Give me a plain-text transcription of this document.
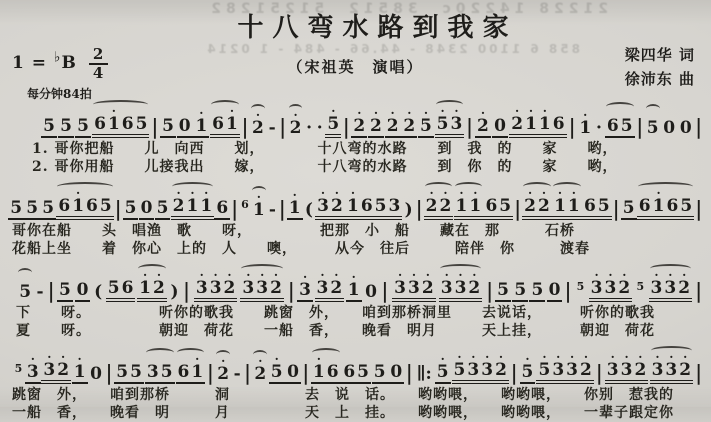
21228 14220c  38512  51251282
858 6 1100 2348 - 44.66 - 484 - 1 0214
十八弯水路到我家
（宋祖英　演唱）
$1 = ^♭B \frac{2}{4}$
每分钟84拍
梁四华 词
徐沛东 曲

5
5
5
6
·
1
6
5 |
5
0
·
1
6
·
1 | ·
2
- | ·
2
·
·
·
5 |
·
2
·
2
·
2
·
2
·
5
·
5
·
3 |
·
2
0
·
2
·
1
·
1
6 | ·
1
·
6
5 |
5
0
0 |
1. 哥你把船　　儿　向西　　划，　　　　十八弯的水路　　到　我　的　　家　　哟，
2. 哥你用船　　儿接我出　　嫁，　　　　十八弯的水路　　到　你　的　　家　　哟，

5
5
5
6
·
1
6
5 |
5
0
5
·
2
·
1
·
1
6 |
6
·
1
- |
·
1
(
·
3
·
2
·
1
6
5
3
) |
·
2
·
2
·
1
·
1
6
5 |
·
2
·
2
·
1
·
1
6
5 |
5
6
·
1
6
5 |
哥你在船　　头　唱渔　歌　　呀，　　　　　把那　小　船　　藏在　那　　　石桥
花船上坐　　着　你心　上的　人　　噢，　　　从今　往后　　　陪伴　你　　　渡春

5
- |
5
0
(
5
6
·
1
·
2
) |
·
3
·
3
·
2
·
3
·
3
·
2 |
·
3
·
3
·
2
·
1
0 |
·
3
·
3
·
2
·
3
·
3
·
2 |
5
5
5
0 |
5
·
3
·
3
·
2
5
·
3
·
3
·
2 |
下　　呀。　　　　　听你的歌我　　跳窗　外，　　咱到那桥洞里　　去说话，　　　听你的歌我
夏　　呀。　　　　　朝迎　荷花　　一船　香，　　晚看　明月　　　天上挂，　　　朝迎　荷花

5
·
3
·
3
·
2
·
1
0 |
5
5
3
5
6
·
1 | ·
2
- | ·
2
·
5
0 |
·
1
6
6
5
5
0 |
∥:
·
5
·
5
·
3
·
3
·
2 |
·
5
·
5
·
3
·
3
·
2 |
·
3
·
3
·
2
·
3
·
3
·
2 |
跳窗　外，　　咱到那桥　　　洞　　　　　去　说　话。　　哟哟喂，　　哟哟喂，　　你别　惹我的
一船　香，　　晚看　明　　　月　　　　　天　上　挂。　　哟哟喂，　　哟哟喂，　　一辈子跟定你
